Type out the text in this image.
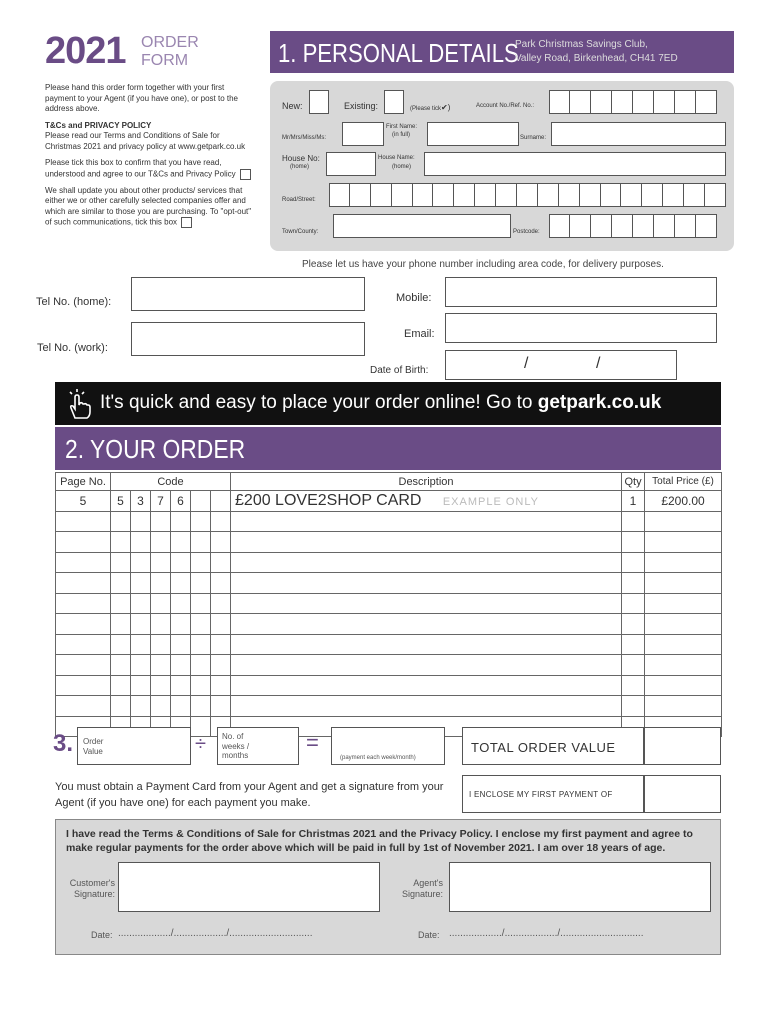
2021 ORDER
FORM	1. PERSONAL DETAILS
Park Christmas Savings Club,
Valley Road, Birkenhead, CH41 7ED
Please hand this order form together with your first payment to your Agent (if you have one), or post to the address above.
T&Cs and PRIVACY POLICY
Please read our Terms and Conditions of Sale for Christmas 2021 and privacy policy at www.getpark.co.uk
Please tick this box to confirm that you have read, understood and agree to our T&Cs and Privacy Policy
We shall update you about other products/ services that either we or other carefully selected companies offer and which are similar to those you are purchasing. To "opt-out" of such communications, tick this box
New:	Existing:	(Please tick✔)	Account No./Ref. No.:
Mr/Mrs/Miss/Ms:
First Name:
(in full)	Surname:
House No:
(home)
House Name:
(home)
Road/Street:
Town/County:	Postcode:
Please let us have your phone number including area code, for delivery purposes.
Tel No. (home):
Tel No. (work):
Mobile:
Email:
Date of Birth:	/	/
It's quick and easy to place your order online! Go to getpark.co.uk
2. YOUR ORDER
Page No.	Code						Description	Qty	Total Price (£)
5	5	3	7	6			£200 LOVE2SHOP CARD EXAMPLE ONLY	1	£200.00

3. Order Value	÷ No. of weeks / months
=
(payment each week/month)
TOTAL ORDER VALUE
You must obtain a Payment Card from your Agent and get a signature from your Agent (if you have one) for each payment you make.
I ENCLOSE MY FIRST PAYMENT OF
I have read the Terms & Conditions of Sale for Christmas 2021 and the Privacy Policy. I enclose my first payment and agree to make regular payments for the order above which will be paid in full by 1st of November 2021. I am over 18 years of age.
Customer's Signature:
Agent's Signature:
Date: .................../.................../..............................	Date: .................../.................../..............................
